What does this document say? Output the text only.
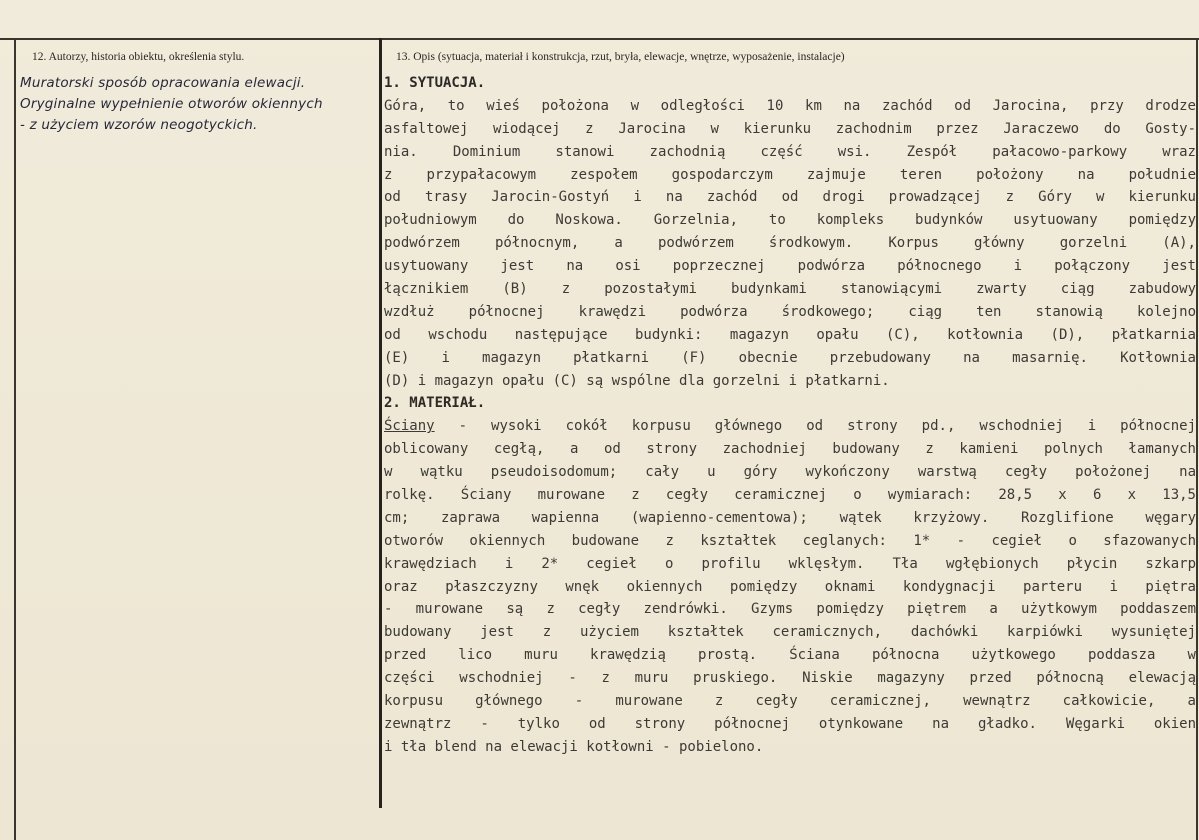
12. Autorzy, historia obiektu, określenia stylu.	13. Opis (sytuacja, materiał i konstrukcja, rzut, bryła, elewacje, wnętrze, wyposażenie, instalacje)
Muratorski sposób opracowania elewacji.
Oryginalne wypełnienie otworów okiennych
- z użyciem wzorów neogotyckich.
1. SYTUACJA.
Góra, to wieś położona w odległości 10 km na zachód od Jarocina, przy drodze
asfaltowej wiodącej z Jarocina w kierunku zachodnim przez Jaraczewo do Gosty-
nia. Dominium stanowi zachodnią część wsi. Zespół pałacowo-parkowy wraz
z przypałacowym zespołem gospodarczym zajmuje teren położony na południe
od trasy Jarocin-Gostyń i na zachód od drogi prowadzącej z Góry w kierunku
południowym do Noskowa. Gorzelnia, to kompleks budynków usytuowany pomiędzy
podwórzem północnym, a podwórzem środkowym. Korpus główny gorzelni (A),
usytuowany jest na osi poprzecznej podwórza północnego i połączony jest
łącznikiem (B) z pozostałymi budynkami stanowiącymi zwarty ciąg zabudowy
wzdłuż północnej krawędzi podwórza środkowego; ciąg ten stanowią kolejno
od wschodu następujące budynki: magazyn opału (C), kotłownia (D), płatkarnia
(E) i magazyn płatkarni (F) obecnie przebudowany na masarnię. Kotłownia
(D) i magazyn opału (C) są wspólne dla gorzelni i płatkarni.
2. MATERIAŁ.
Ściany - wysoki cokół korpusu głównego od strony pd., wschodniej i północnej
oblicowany cegłą, a od strony zachodniej budowany z kamieni polnych łamanych
w wątku pseudoisodomum; cały u góry wykończony warstwą cegły położonej na
rolkę. Ściany murowane z cegły ceramicznej o wymiarach: 28,5 x 6 x 13,5
cm; zaprawa wapienna (wapienno-cementowa); wątek krzyżowy. Rozglifione węgary
otworów okiennych budowane z kształtek ceglanych: 1* - cegieł o sfazowanych
krawędziach i 2* cegieł o profilu wklęsłym. Tła wgłębionych płycin szkarp
oraz płaszczyzny wnęk okiennych pomiędzy oknami kondygnacji parteru i piętra
- murowane są z cegły zendrówki. Gzyms pomiędzy piętrem a użytkowym poddaszem
budowany jest z użyciem kształtek ceramicznych, dachówki karpiówki wysuniętej
przed lico muru krawędzią prostą. Ściana północna użytkowego poddasza w
części wschodniej - z muru pruskiego. Niskie magazyny przed północną elewacją
korpusu głównego - murowane z cegły ceramicznej, wewnątrz całkowicie, a
zewnątrz - tylko od strony północnej otynkowane na gładko. Węgarki okien
i tła blend na elewacji kotłowni - pobielono.
